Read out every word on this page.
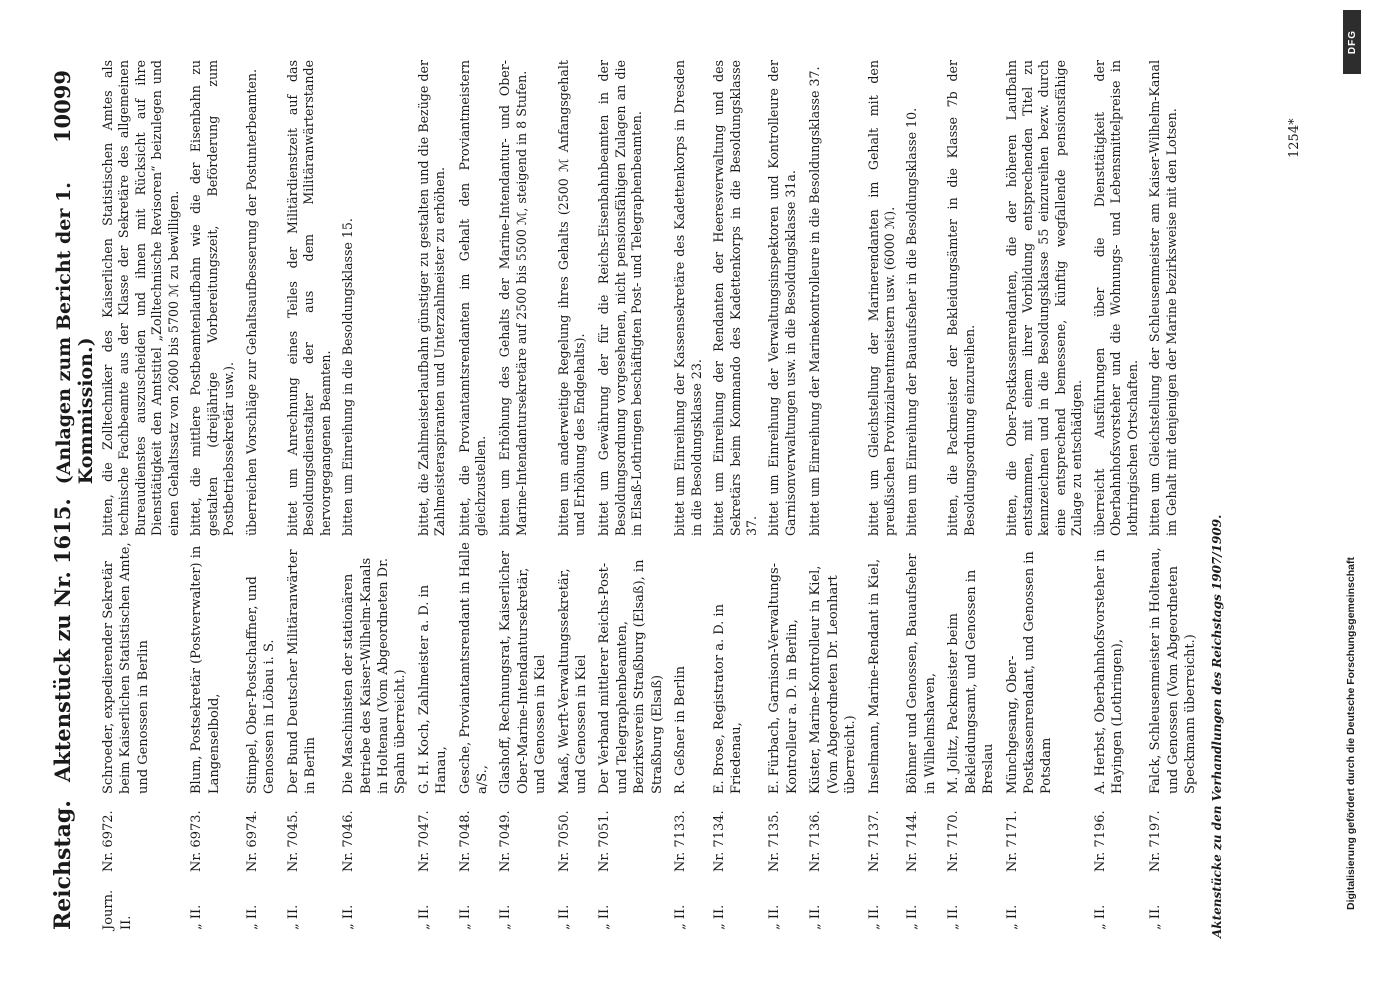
Reichstag.
Aktenstück zu Nr. 1615.
(Anlagen zum Bericht der 1. Kommission.)
10099
Journ. II.
Nr. 6972.
Schroeder, expedierender Sekretär beim Kaiserlichen Statistischen Amte, und Genossen in Berlin
bitten, die Zolltechniker des Kaiserlichen Statistischen Amtes als technische Fachbeamte aus der Klasse der Sekretäre des allgemeinen Bureaudienstes auszuscheiden und ihnen mit Rücksicht auf ihre Diensttätigkeit den Amtstitel „Zolltechnische Revisoren“ beizulegen und einen Gehaltssatz von 2600 bis 5700 ℳ zu bewilligen.
„ II.
Nr. 6973.
Blum, Postsekretär (Postverwalter) in Langenselbold,
bittet, die mittlere Postbeamtenlaufbahn wie die der Eisenbahn zu gestalten (dreijährige Vorbereitungszeit, Beförderung zum Postbetriebssekretär usw.).
„ II.
Nr. 6974.
Stimpel, Ober-Postschaffner, und Genossen in Löbau i. S.
überreichen Vorschläge zur Gehaltsaufbesserung der Postunterbeamten.
„ II.
Nr. 7045.
Der Bund Deutscher Militäranwärter in Berlin
bittet um Anrechnung eines Teiles der Militärdienstzeit auf das Besoldungsdienstalter der aus dem Militäranwärterstande hervorgegangenen Beamten.
„ II.
Nr. 7046.
Die Maschinisten der stationären Betriebe des Kaiser-Wilhelm-Kanals in Holtenau (Vom Abgeordneten Dr. Spahn überreicht.)
bitten um Einreihung in die Besoldungsklasse 15.
„ II.
Nr. 7047.
G. H. Koch, Zahlmeister a. D. in Hanau,
bittet, die Zahlmeisterlaufbahn günstiger zu gestalten und die Bezüge der Zahlmeisteraspiranten und Unterzahlmeister zu erhöhen.
„ II.
Nr. 7048.
Gesche, Proviantamtsrendant in Halle a/S.,
bittet, die Proviantamtsrendanten im Gehalt den Proviantmeistern gleichzustellen.
„ II.
Nr. 7049.
Glashoff, Rechnungsrat, Kaiserlicher Ober-Marine-Intendantursekretär, und Genossen in Kiel
bitten um Erhöhung des Gehalts der Marine-Intendantur- und Ober-Marine-Intendantursekretäre auf 2500 bis 5500 ℳ, steigend in 8 Stufen.
„ II.
Nr. 7050.
Maaß, Werft-Verwaltungssekretär, und Genossen in Kiel
bitten um anderweitige Regelung ihres Gehalts (2500 ℳ Anfangsgehalt und Erhöhung des Endgehalts).
„ II.
Nr. 7051.
Der Verband mittlerer Reichs-Post- und Telegraphenbeamten, Bezirksverein Straßburg (Elsaß), in Straßburg (Elsaß)
bittet um Gewährung der für die Reichs-Eisenbahnbeamten in der Besoldungsordnung vorgesehenen, nicht pensionsfähigen Zulagen an die in Elsaß-Lothringen beschäftigten Post- und Telegraphenbeamten.
„ II.
Nr. 7133.
R. Geßner in Berlin
bittet um Einreihung der Kassensekretäre des Kadettenkorps in Dresden in die Besoldungsklasse 23.
„ II.
Nr. 7134.
E. Brose, Registrator a. D. in Friedenau,
bittet um Einreihung der Rendanten der Heeresverwaltung und des Sekretärs beim Kommando des Kadettenkorps in die Besoldungsklasse 37.
„ II.
Nr. 7135.
E. Fürbach, Garnison-Verwaltungs-Kontrolleur a. D. in Berlin,
bittet um Einreihung der Verwaltungsinspektoren und Kontrolleure der Garnisonverwaltungen usw. in die Besoldungsklasse 31a.
„ II.
Nr. 7136.
Küster, Marine-Kontrolleur in Kiel, (Vom Abgeordneten Dr. Leonhart überreicht.)
bittet um Einreihung der Marinekontrolleure in die Besoldungsklasse 37.
„ II.
Nr. 7137.
Inselmann, Marine-Rendant in Kiel,
bittet um Gleichstellung der Marinerendanten im Gehalt mit den preußischen Provinzialrentmeistern usw. (6000 ℳ).
„ II.
Nr. 7144.
Böhmer und Genossen, Bauaufseher in Wilhelmshaven,
bitten um Einreihung der Bauaufseher in die Besoldungsklasse 10.
„ II.
Nr. 7170.
M. Jolitz, Packmeister beim Bekleidungsamt, und Genossen in Breslau
bitten, die Packmeister der Bekleidungsämter in die Klasse 7b der Besoldungsordnung einzureihen.
„ II.
Nr. 7171.
Münchgesang, Ober-Postkassenrendant, und Genossen in Potsdam
bitten, die Ober-Postkassenrendanten, die der höheren Laufbahn entstammen, mit einem ihrer Vorbildung entsprechenden Titel zu kennzeichnen und in die Besoldungsklasse 55 einzureihen bezw. durch eine entsprechend bemessene, künftig wegfallende pensionsfähige Zulage zu entschädigen.
„ II.
Nr. 7196.
A. Herbst, Oberbahnhofsvorsteher in Hayingen (Lothringen),
überreicht Ausführungen über die Diensttätigkeit der Oberbahnhofsvorsteher und die Wohnungs- und Lebensmittelpreise in lothringischen Ortschaften.
„ II.
Nr. 7197.
Falck, Schleusenmeister in Holtenau, und Genossen (Vom Abgeordneten Speckmann überreicht.)
bitten um Gleichstellung der Schleusenmeister am Kaiser-Wilhelm-Kanal im Gehalt mit denjenigen der Marine bezirksweise mit den Lotsen.
Aktenstücke zu den Verhandlungen des Reichstags 1907/1909.
1254*
Digitalisierung gefördert durch die Deutsche Forschungsgemeinschaft
DFG
